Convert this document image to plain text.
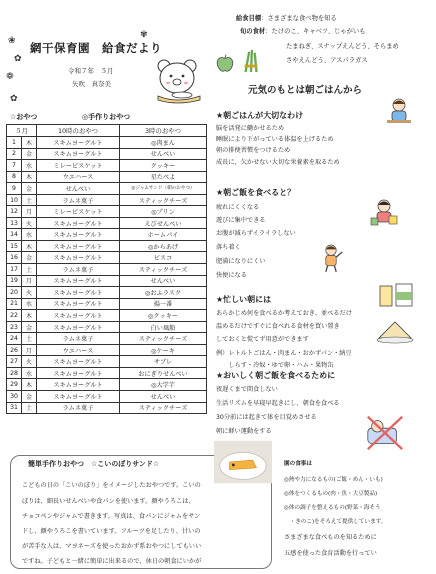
❀
✿
❁
✾
✿
網干保育園　給食だより
令和７年　５月
矢吹　真奈美
給食目標：さまざまな食べ物を知る
旬の食材：たけのこ、キャベツ、じゃがいも
たまねぎ、スナップえんどう、そらまめ
さやえんどう、アスパラガス
元気のもとは朝ごはんから
☆おやつ	◎手作りおやつ
５月		10時のおやつ	3時のおやつ
1	木	スキムヨーグルト	◎肉まん
2	金	スキムヨーグルト	せんべい
7	水	ミレービスケット	クッキー
8	木	ウエハース	星たべよ
9	金	せんべい	◎ジャムサンド（朝のおやつ）
10	土	ラムネ菓子	スティックチーズ
12	月	ミレービスケット	◎プリン
13	火	スキムヨーグルト	えびせんべい
14	水	スキムヨーグルト	ホームパイ
15	木	スキムヨーグルト	◎からあげ
16	金	スキムヨーグルト	ビスコ
17	土	ラムネ菓子	スティックチーズ
19	月	スキムヨーグルト	せんべい
20	火	スキムヨーグルト	◎おふラスク
21	水	スキムヨーグルト	揚一番
22	木	スキムヨーグルト	◎クッキー
23	金	スキムヨーグルト	白い風船
24	土	ラムネ菓子	スティックチーズ
26	月	ウエハース	◎ケーキ
27	火	スキムヨーグルト	サブレ
28	水	スキムヨーグルト	おにぎりせんべい
29	木	スキムヨーグルト	◎大学芋
30	金	スキムヨーグルト	せんべい
31	土	ラムネ菓子	スティックチーズ
★朝ごはんが大切なわけ
脳を活発に働かせるため
睡眠により下がっている体温を上げるため
朝の排便習慣をつけるため
成長に、欠かせない大切な栄養素を取るため
★朝ご飯を食べると？
疲れにくくなる
遊びに集中できる
お腹が減らずイライラしない
落ち着く
肥満になりにくい
快便になる
★忙しい朝には
あらかじめ何を食べるか考えておき、並べるだけ
温めるだけですぐに食べれる食材を買い置き
しておくと慌てず用意ができます
例）レトルトごはん・肉まん・おかずパン・納豆
　　しらす・冷奴・ゆで卵・ハム・果物缶
★おいしく朝ご飯を食べるために
夜遅くまで間食しない
生活リズムを早寝早起きにし、朝食を食べる
30分前には起きて体を目覚めさせる
朝に軽い運動をする
園の食事は
◎熱や力になるもの(ご飯・めん・いも)
◎体をつくるもの(肉・魚・大豆製品)
◎体の調子を整えるもの(野菜・海そう
　・きのこ)をそろえて提供しています。
さまざまな食べものを知るために
五感を使った食育活動を行ってい
簡単手作りおやつ　☆こいのぼりサンド☆
こどもの日の「こいのぼり」をイメージしたおやつです。こいの
ぼりは、細長いせんべいや食パンを使います。顔やうろこは、
チョコペンやジャムで書きます。写真は、食パンにジャムをサン
ドし、顔やうろこを書いています。フルーツを足したり、甘いの
が苦手な人は、マヨネーズを使ったおかず系おやつにしてもいい
ですね。子どもと一緒に簡単に出来るので、休日の朝食にいかが
